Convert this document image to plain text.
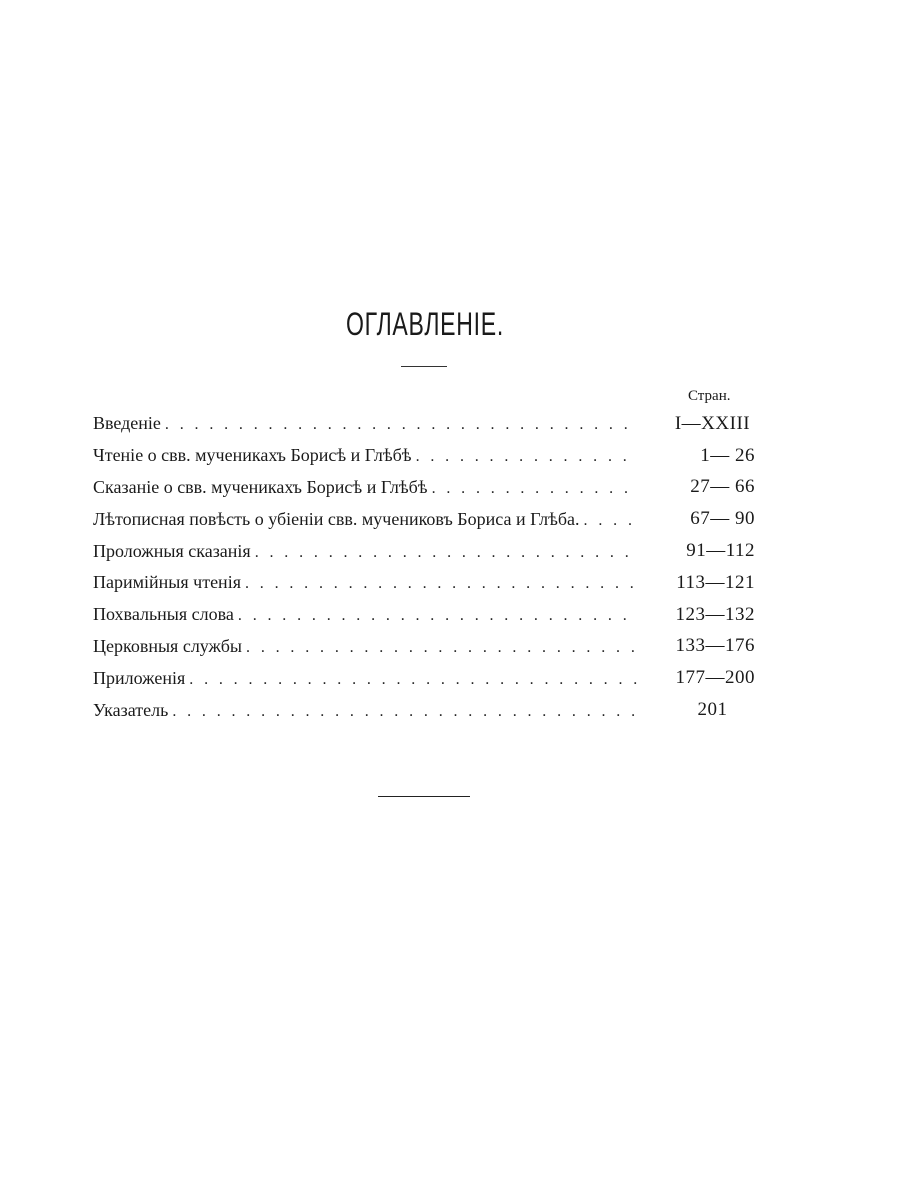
ОГЛАВЛЕНІЕ.
Стран.
Введеніе . . .	I—XXIII
Чтеніе о свв. мученикахъ Борисѣ и Глѣбѣ . . .	1— 26
Сказаніе о свв. мученикахъ Борисѣ и Глѣбѣ . . .	27— 66
Лѣтописная повѣсть о убіеніи свв. мучениковъ Бориса и Глѣба. . . .	67— 90
Проложныя сказанія . . .	91—112
Паримійныя чтенія . . .	113—121
Похвальныя слова . . .	123—132
Церковныя службы . . .	133—176
Приложенія . . .	177—200
Указатель . . .	201
